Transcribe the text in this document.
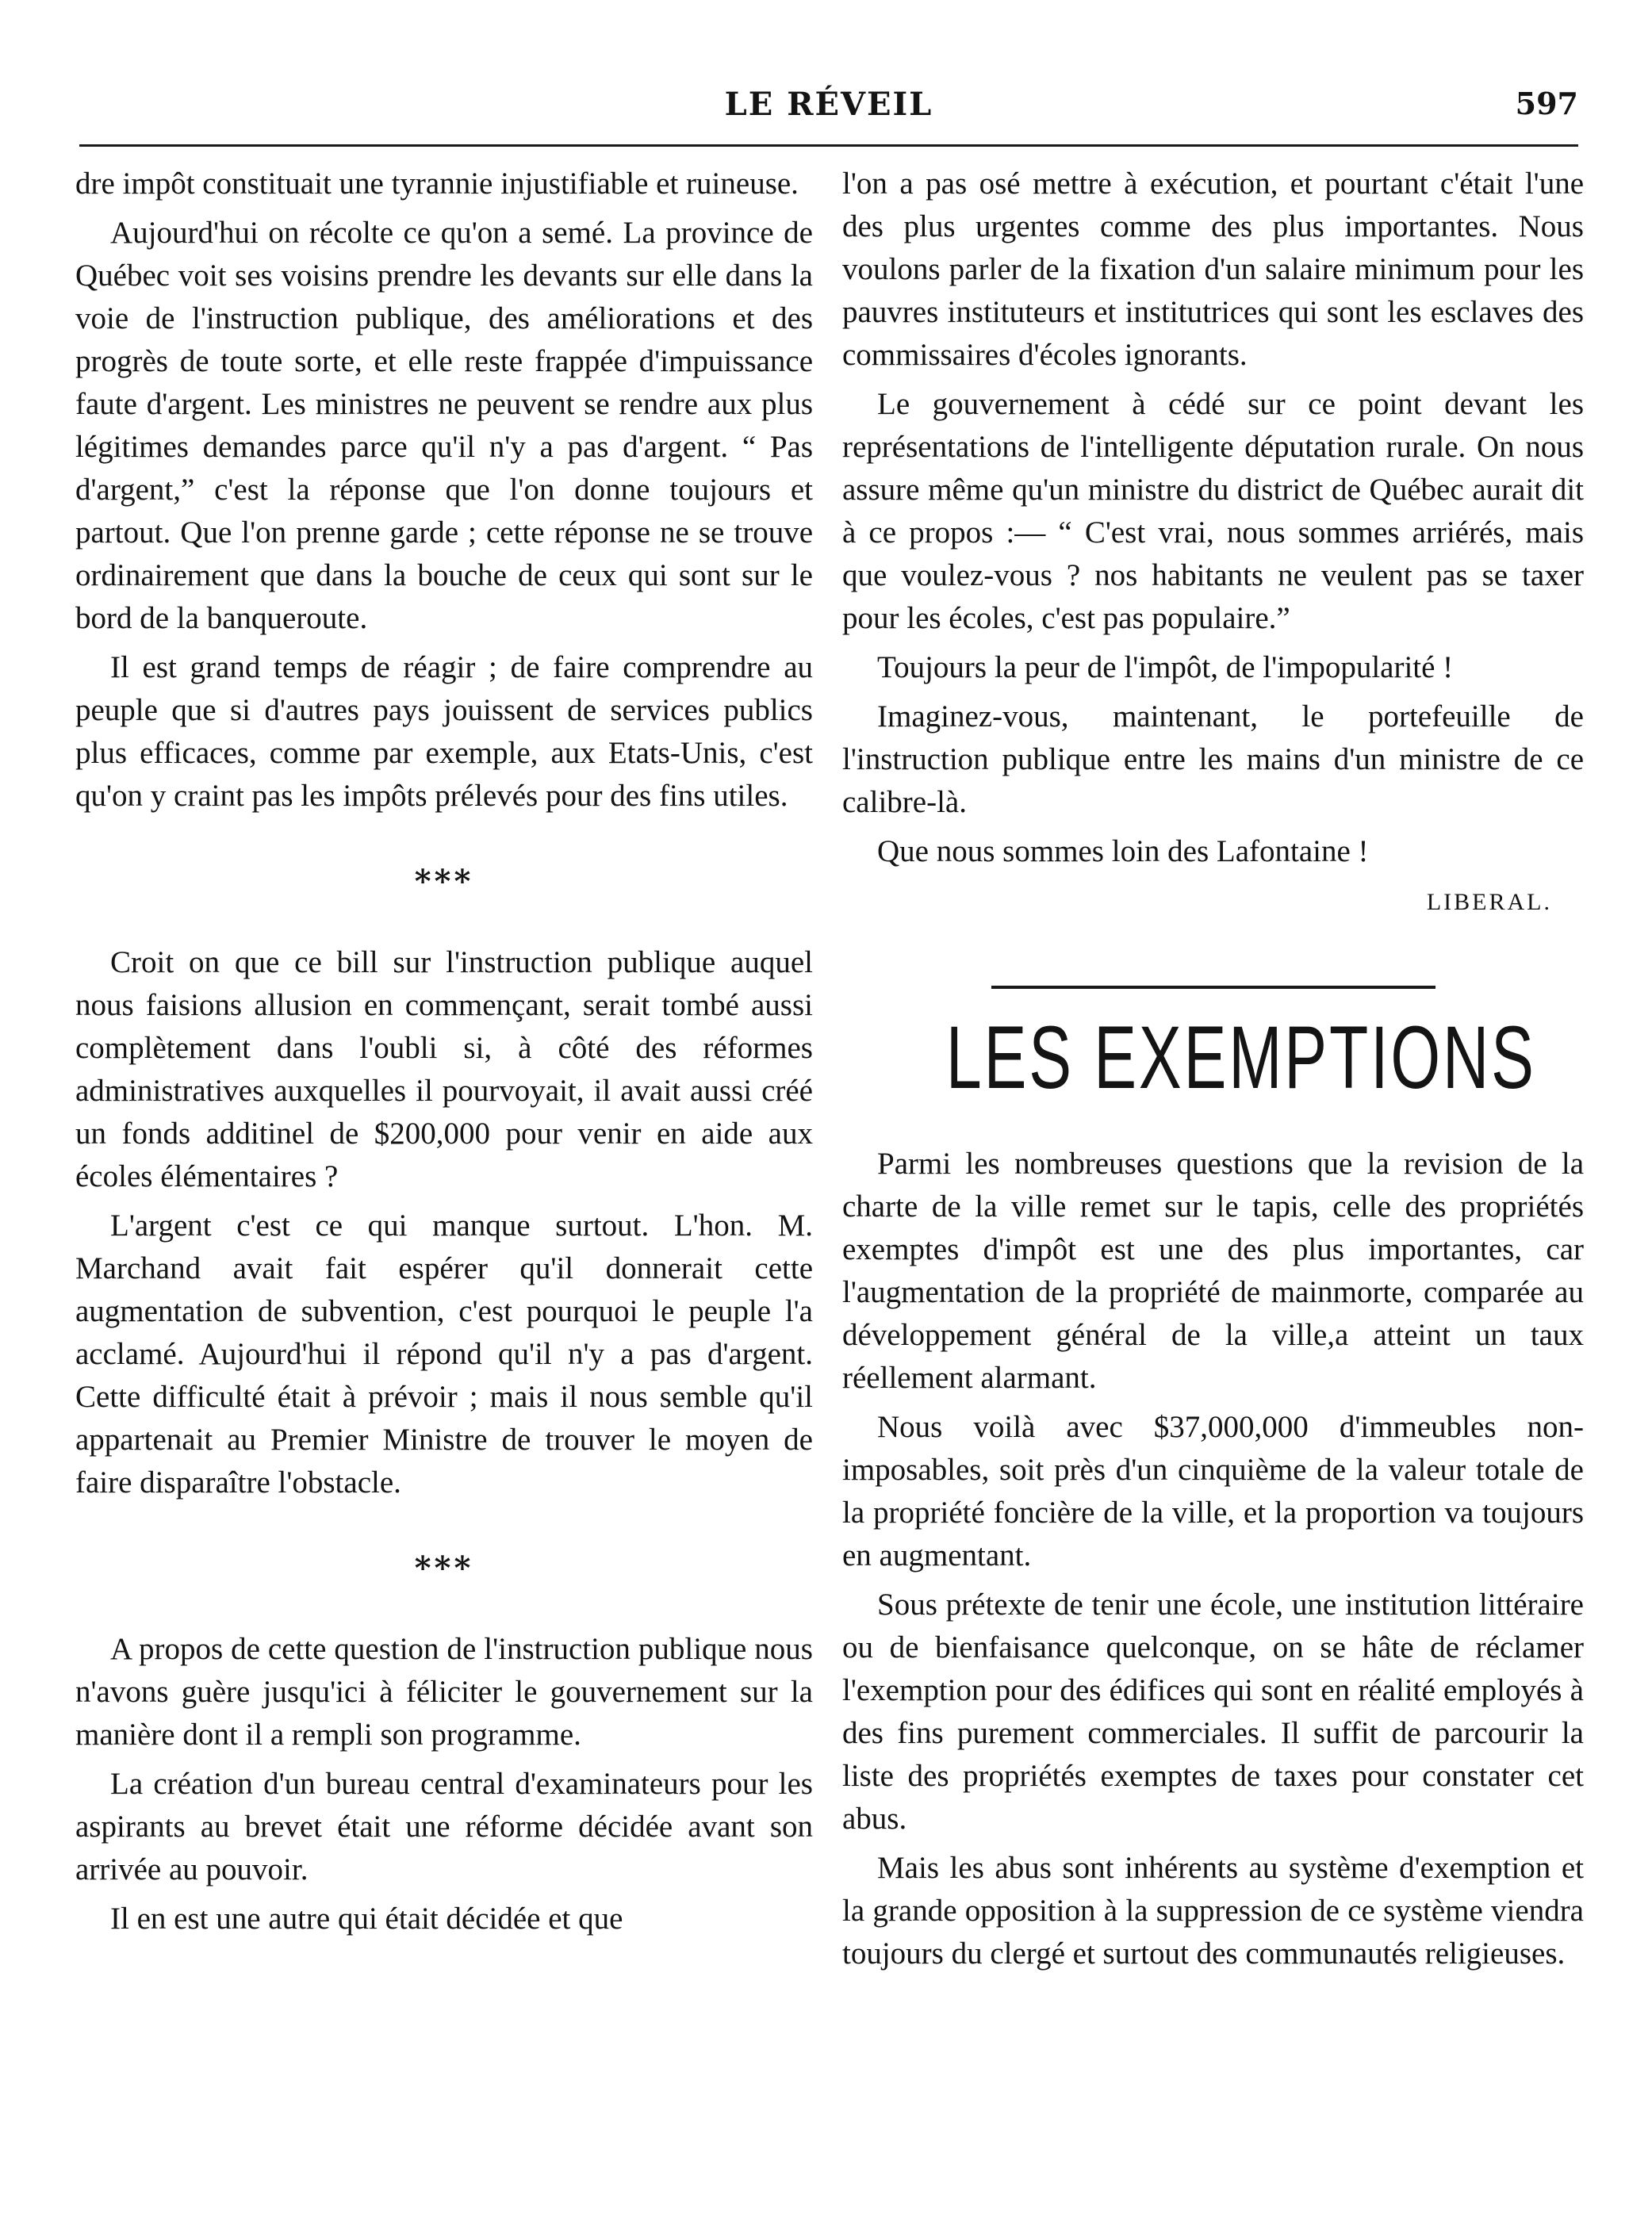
LE RÉVEIL	597

dre impôt constituait une tyrannie injustifiable et ruineuse.

Aujourd'hui on récolte ce qu'on a semé. La province de Québec voit ses voisins prendre les devants sur elle dans la voie de l'instruction publique, des améliorations et des progrès de toute sorte, et elle reste frappée d'impuissance faute d'argent. Les ministres ne peuvent se rendre aux plus légitimes demandes parce qu'il n'y a pas d'argent. “ Pas d'argent,” c'est la réponse que l'on donne toujours et partout. Que l'on prenne garde ; cette réponse ne se trouve ordinairement que dans la bouche de ceux qui sont sur le bord de la banqueroute.

Il est grand temps de réagir ; de faire comprendre au peuple que si d'autres pays jouissent de services publics plus efficaces, comme par exemple, aux Etats-Unis, c'est qu'on y craint pas les impôts prélevés pour des fins utiles.

***

Croit on que ce bill sur l'instruction publique auquel nous faisions allusion en commençant, serait tombé aussi complètement dans l'oubli si, à côté des réformes administratives auxquelles il pourvoyait, il avait aussi créé un fonds additinel de $200,000 pour venir en aide aux écoles élémentaires ?

L'argent c'est ce qui manque surtout. L'hon. M. Marchand avait fait espérer qu'il donnerait cette augmentation de subvention, c'est pourquoi le peuple l'a acclamé. Aujourd'hui il répond qu'il n'y a pas d'argent. Cette difficulté était à prévoir ; mais il nous semble qu'il appartenait au Premier Ministre de trouver le moyen de faire disparaître l'obstacle.

***

A propos de cette question de l'instruction publique nous n'avons guère jusqu'ici à féliciter le gouvernement sur la manière dont il a rempli son programme.

La création d'un bureau central d'examinateurs pour les aspirants au brevet était une réforme décidée avant son arrivée au pouvoir.

Il en est une autre qui était décidée et que

l'on a pas osé mettre à exécution, et pourtant c'était l'une des plus urgentes comme des plus importantes. Nous voulons parler de la fixation d'un salaire minimum pour les pauvres instituteurs et institutrices qui sont les esclaves des commissaires d'écoles ignorants.

Le gouvernement à cédé sur ce point devant les représentations de l'intelligente députation rurale. On nous assure même qu'un ministre du district de Québec aurait dit à ce propos :— “ C'est vrai, nous sommes arriérés, mais que voulez-vous ? nos habitants ne veulent pas se taxer pour les écoles, c'est pas populaire.”

Toujours la peur de l'impôt, de l'impopularité !

Imaginez-vous, maintenant, le portefeuille de l'instruction publique entre les mains d'un ministre de ce calibre-là.

Que nous sommes loin des Lafontaine !

LIBERAL.
LES EXEMPTIONS

Parmi les nombreuses questions que la revision de la charte de la ville remet sur le tapis, celle des propriétés exemptes d'impôt est une des plus importantes, car l'augmentation de la propriété de mainmorte, comparée au développement général de la ville,a atteint un taux réellement alarmant.

Nous voilà avec $37,000,000 d'immeubles non-imposables, soit près d'un cinquième de la valeur totale de la propriété foncière de la ville, et la proportion va toujours en augmentant.

Sous prétexte de tenir une école, une institution littéraire ou de bienfaisance quelconque, on se hâte de réclamer l'exemption pour des édifices qui sont en réalité employés à des fins purement commerciales. Il suffit de parcourir la liste des propriétés exemptes de taxes pour constater cet abus.

Mais les abus sont inhérents au système d'exemption et la grande opposition à la suppression de ce système viendra toujours du clergé et surtout des communautés religieuses.
